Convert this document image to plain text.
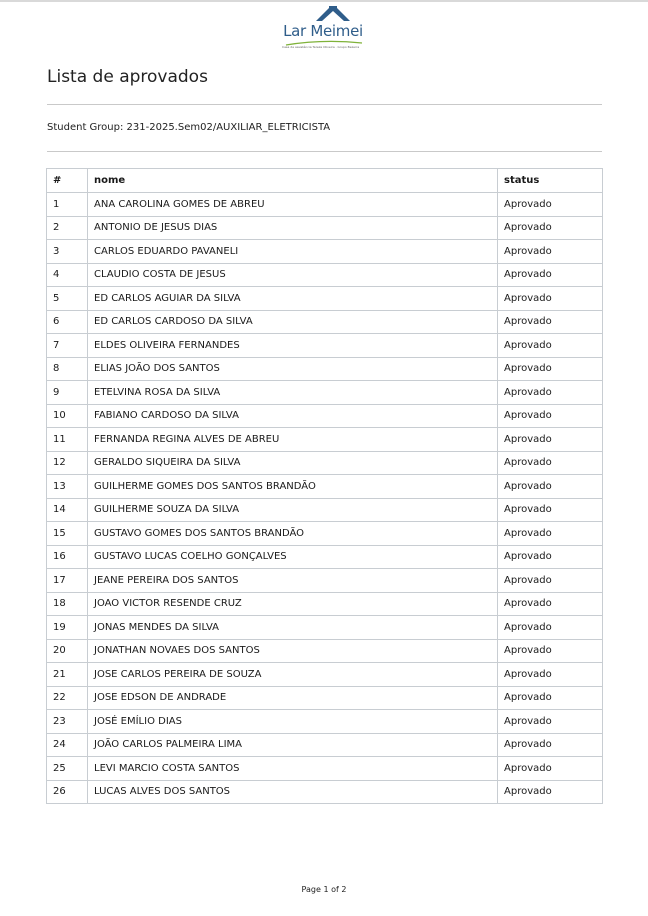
Lar Meimei
Casa de assistência Tereza Oliveira · Grupo Bezerra
Lista de aprovados
Student Group: 231-2025.Sem02/AUXILIAR_ELETRICISTA
#	nome	status
1	ANA CAROLINA GOMES DE ABREU	Aprovado
2	ANTONIO DE JESUS DIAS	Aprovado
3	CARLOS EDUARDO PAVANELI	Aprovado
4	CLAUDIO COSTA DE JESUS	Aprovado
5	ED CARLOS AGUIAR DA SILVA	Aprovado
6	ED CARLOS CARDOSO DA SILVA	Aprovado
7	ELDES OLIVEIRA FERNANDES	Aprovado
8	ELIAS JOÃO DOS SANTOS	Aprovado
9	ETELVINA ROSA DA SILVA	Aprovado
10	FABIANO CARDOSO DA SILVA	Aprovado
11	FERNANDA REGINA ALVES DE ABREU	Aprovado
12	GERALDO SIQUEIRA DA SILVA	Aprovado
13	GUILHERME GOMES DOS SANTOS BRANDÃO	Aprovado
14	GUILHERME SOUZA DA SILVA	Aprovado
15	GUSTAVO GOMES DOS SANTOS BRANDÃO	Aprovado
16	GUSTAVO LUCAS COELHO GONÇALVES	Aprovado
17	JEANE PEREIRA DOS SANTOS	Aprovado
18	JOAO VICTOR RESENDE CRUZ	Aprovado
19	JONAS MENDES DA SILVA	Aprovado
20	JONATHAN NOVAES DOS SANTOS	Aprovado
21	JOSE CARLOS PEREIRA DE SOUZA	Aprovado
22	JOSE EDSON DE ANDRADE	Aprovado
23	JOSÉ EMÍLIO DIAS	Aprovado
24	JOÃO CARLOS PALMEIRA LIMA	Aprovado
25	LEVI MARCIO COSTA SANTOS	Aprovado
26	LUCAS ALVES DOS SANTOS	Aprovado
Page 1 of 2
